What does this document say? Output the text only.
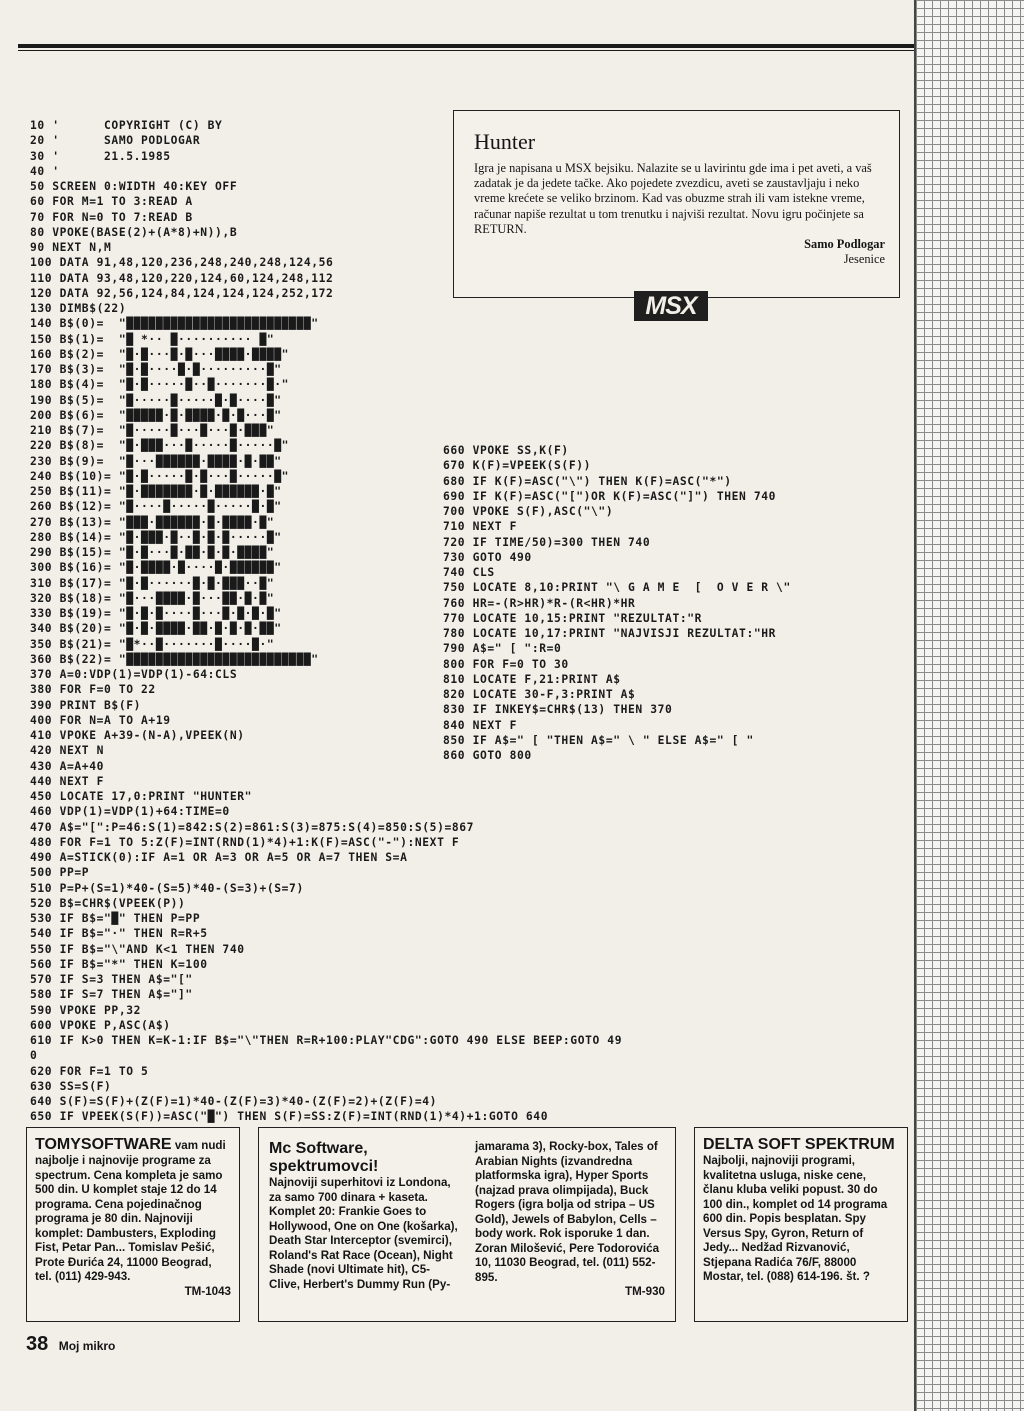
10 '      COPYRIGHT (C) BY
20 '      SAMO PODLOGAR
30 '      21.5.1985
40 '
50 SCREEN 0:WIDTH 40:KEY OFF
60 FOR M=1 TO 3:READ A
70 FOR N=0 TO 7:READ B
80 VPOKE(BASE(2)+(A*8)+N)),B
90 NEXT N,M
100 DATA 91,48,120,236,248,240,248,124,56
110 DATA 93,48,120,220,124,60,124,248,112
120 DATA 92,56,124,84,124,124,124,252,172
130 DIMB$(22)
140 B$(0)=  "█████████████████████████"
150 B$(1)=  "█ *·· █·········· █"
160 B$(2)=  "█·█···█·█···████·████"
170 B$(3)=  "█·█····█·█·········█"
180 B$(4)=  "█·█·····█··█·······█·"
190 B$(5)=  "█·····█·····█·█····█"
200 B$(6)=  "█████·█·████·█·█···█"
210 B$(7)=  "█·····█···█···█·███"
220 B$(8)=  "█·███···█·····█·····█"
230 B$(9)=  "█···██████·████·█·██"
240 B$(10)= "█·█·····█·█···█·····█"
250 B$(11)= "█·███████·█·██████·█"
260 B$(12)= "█····█·····█·····█·█"
270 B$(13)= "███·██████·█·████·█"
280 B$(14)= "█·███·█··█·█·█·····█"
290 B$(15)= "█·█···█·██·█·█·████"
300 B$(16)= "█·████·█····█·██████"
310 B$(17)= "█·█······█·█·███··█"
320 B$(18)= "█···████·█···██·█·█"
330 B$(19)= "█·█·█····█···█·█·█·█"
340 B$(20)= "█·█·████·██·█·█·█·██"
350 B$(21)= "█*··█·······█····█·"
360 B$(22)= "█████████████████████████"
370 A=0:VDP(1)=VDP(1)-64:CLS
380 FOR F=0 TO 22
390 PRINT B$(F)
400 FOR N=A TO A+19
410 VPOKE A+39-(N-A),VPEEK(N)
420 NEXT N
430 A=A+40
440 NEXT F
450 LOCATE 17,0:PRINT "HUNTER"
460 VDP(1)=VDP(1)+64:TIME=0
470 A$="[":P=46:S(1)=842:S(2)=861:S(3)=875:S(4)=850:S(5)=867
480 FOR F=1 TO 5:Z(F)=INT(RND(1)*4)+1:K(F)=ASC("-"):NEXT F
490 A=STICK(0):IF A=1 OR A=3 OR A=5 OR A=7 THEN S=A
500 PP=P
510 P=P+(S=1)*40-(S=5)*40-(S=3)+(S=7)
520 B$=CHR$(VPEEK(P))
530 IF B$="█" THEN P=PP
540 IF B$="·" THEN R=R+5
550 IF B$="\"AND K<1 THEN 740
560 IF B$="*" THEN K=100
570 IF S=3 THEN A$="["
580 IF S=7 THEN A$="]"
590 VPOKE PP,32
600 VPOKE P,ASC(A$)
610 IF K>0 THEN K=K-1:IF B$="\"THEN R=R+100:PLAY"CDG":GOTO 490 ELSE BEEP:GOTO 49
0
620 FOR F=1 TO 5
630 SS=S(F)
640 S(F)=S(F)+(Z(F)=1)*40-(Z(F)=3)*40-(Z(F)=2)+(Z(F)=4)
650 IF VPEEK(S(F))=ASC("█") THEN S(F)=SS:Z(F)=INT(RND(1)*4)+1:GOTO 640
660 VPOKE SS,K(F)
670 K(F)=VPEEK(S(F))
680 IF K(F)=ASC("\") THEN K(F)=ASC("*")
690 IF K(F)=ASC("[")OR K(F)=ASC("]") THEN 740
700 VPOKE S(F),ASC("\")
710 NEXT F
720 IF TIME/50)=300 THEN 740
730 GOTO 490
740 CLS
750 LOCATE 8,10:PRINT "\ G A M E  [  O V E R \"
760 HR=-(R>HR)*R-(R<HR)*HR
770 LOCATE 10,15:PRINT "REZULTAT:"R
780 LOCATE 10,17:PRINT "NAJVISJI REZULTAT:"HR
790 A$=" [ ":R=0
800 FOR F=0 TO 30
810 LOCATE F,21:PRINT A$
820 LOCATE 30-F,3:PRINT A$
830 IF INKEY$=CHR$(13) THEN 370
840 NEXT F
850 IF A$=" [ "THEN A$=" \ " ELSE A$=" [ "
860 GOTO 800
Hunter

Igra je napisana u MSX bejsiku. Nalazite se u lavirintu gde ima i pet aveti, a vaš zadatak je da jedete tačke. Ako pojedete zvezdicu, aveti se zaustavljaju i neko vreme krećete se veliko brzinom. Kad vas obuzme strah ili vam istekne vreme, računar napiše rezultat u tom trenutku i najviši rezultat. Novu igru počinjete sa RETURN.

Samo Podlogar
Jesenice
MSX

TOMYSOFTWARE vam nudi najbolje i najnovije programe za spectrum. Cena kompleta je samo 500 din. U komplet staje 12 do 14 programa. Cena pojedinačnog programa je 80 din. Najnoviji komplet: Dambusters, Exploding Fist, Petar Pan... Tomislav Pešić, Prote Đurića 24, 11000 Beograd, tel. (011) 429-943.

TM-1043

Mc Software, spektrumovci!

Najnoviji superhitovi iz Londona, za samo 700 dinara + kaseta. Komplet 20: Frankie Goes to Hollywood, One on One (košarka), Death Star Interceptor (svemirci), Roland's Rat Race (Ocean), Night Shade (novi Ultimate hit), C5-Clive, Herbert's Dummy Run (Py-

jamarama 3), Rocky-box, Tales of Arabian Nights (izvandredna platformska igra), Hyper Sports (najzad prava olimpijada), Buck Rogers (igra bolja od stripa – US Gold), Jewels of Babylon, Cells – body work. Rok isporuke 1 dan. Zoran Milošević, Pere Todorovića 10, 11030 Beograd, tel. (011) 552-895.

TM-930

DELTA SOFT SPEKTRUM

Najbolji, najnoviji programi, kvalitetna usluga, niske cene, članu kluba veliki popust. 30 do 100 din., komplet od 14 programa 600 din. Popis besplatan. Spy Versus Spy, Gyron, Return of Jedy... Nedžad Rizvanović, Stjepana Radića 76/F, 88000 Mostar, tel. (088) 614-196. št. ?

38 Moj mikro
